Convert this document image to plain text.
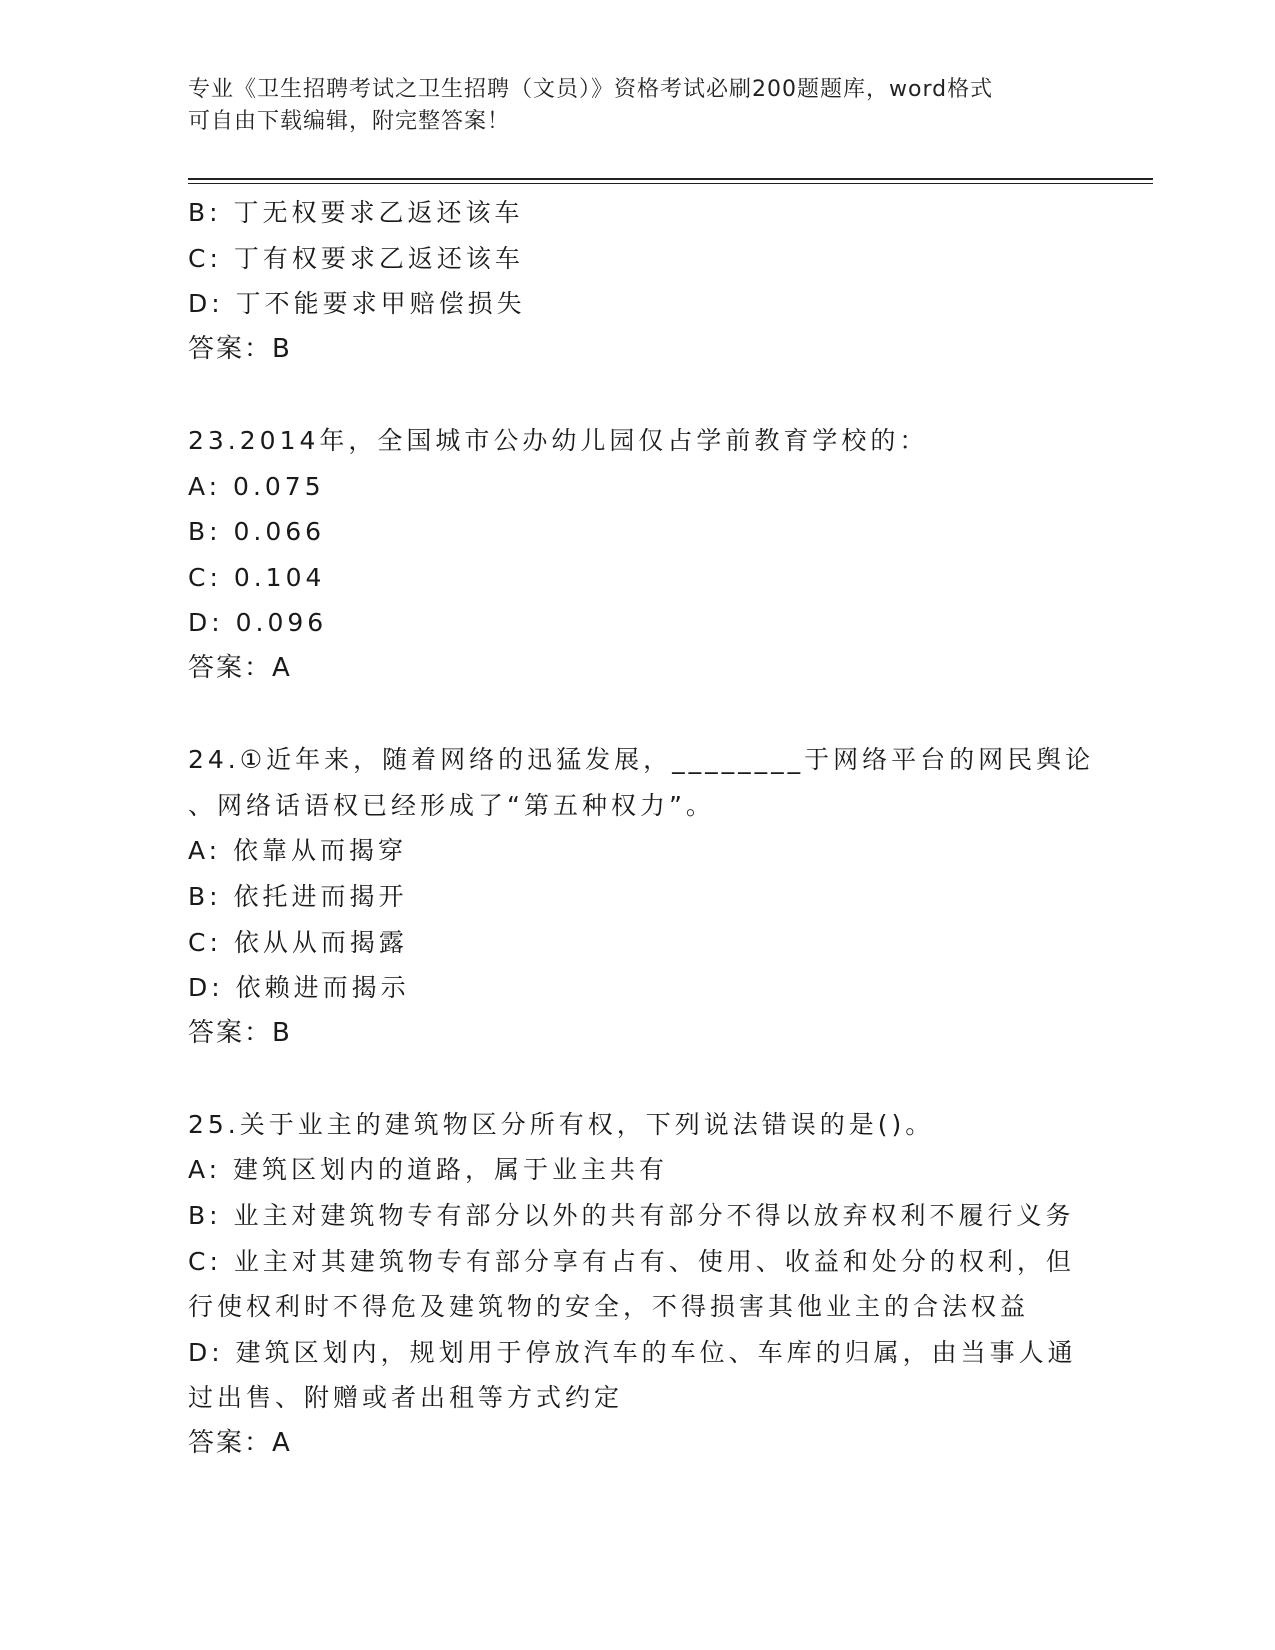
专业《卫生招聘考试之卫生招聘（文员）》资格考试必刷200题题库，word格式
可自由下载编辑，附完整答案！
B: 丁无权要求乙返还该车
C: 丁有权要求乙返还该车
D: 丁不能要求甲赔偿损失
答案：B
23.2014年，全国城市公办幼儿园仅占学前教育学校的：
A: 0.075
B: 0.066
C: 0.104
D: 0.096
答案：A
24.①近年来，随着网络的迅猛发展，________于网络平台的网民舆论
、网络话语权已经形成了“第五种权力”。
A: 依靠从而揭穿
B: 依托进而揭开
C: 依从从而揭露
D: 依赖进而揭示
答案：B
25.关于业主的建筑物区分所有权，下列说法错误的是()。
A: 建筑区划内的道路，属于业主共有
B: 业主对建筑物专有部分以外的共有部分不得以放弃权利不履行义务
C: 业主对其建筑物专有部分享有占有、使用、收益和处分的权利，但
行使权利时不得危及建筑物的安全，不得损害其他业主的合法权益
D: 建筑区划内，规划用于停放汽车的车位、车库的归属，由当事人通
过出售、附赠或者出租等方式约定
答案：A
